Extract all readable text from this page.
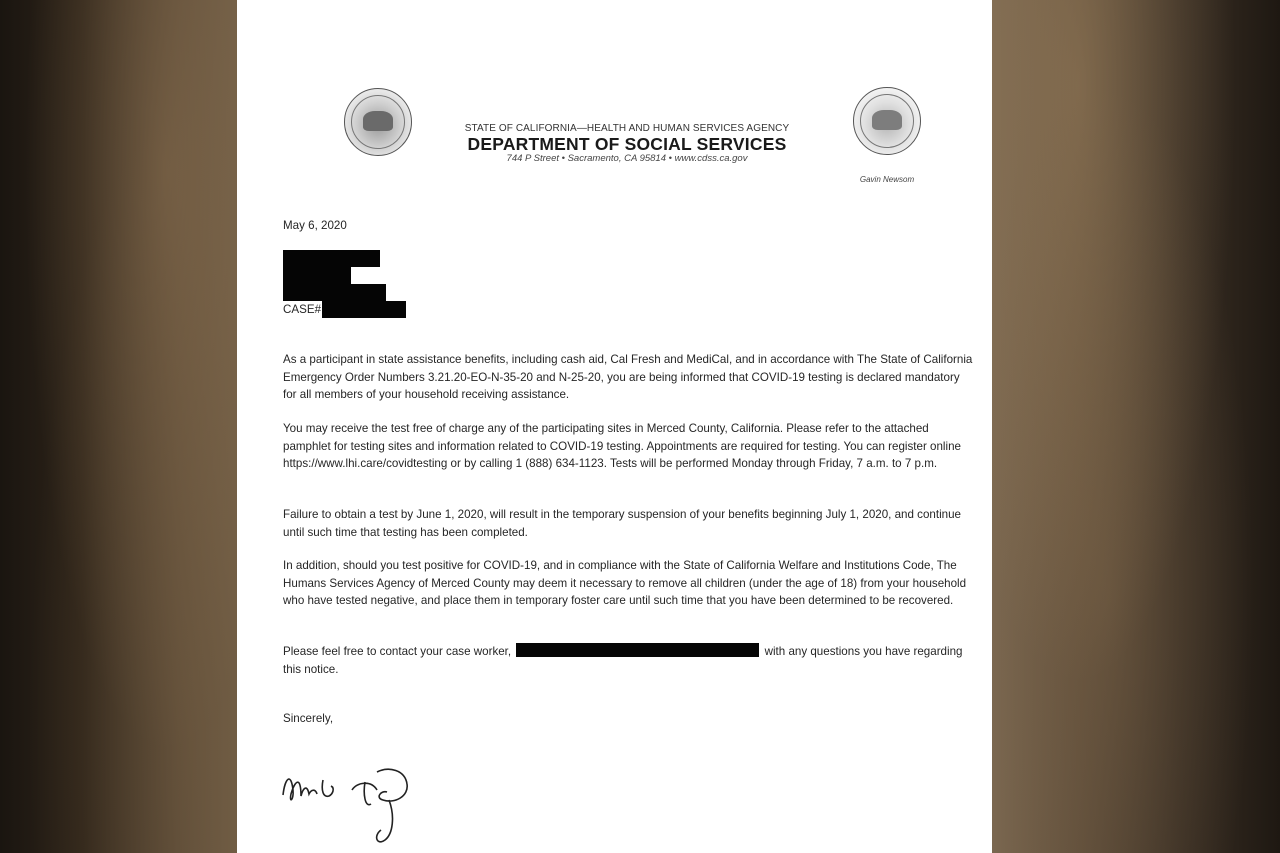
STATE OF CALIFORNIA—HEALTH AND HUMAN SERVICES AGENCY
DEPARTMENT OF SOCIAL SERVICES
744 P Street • Sacramento, CA 95814 • www.cdss.ca.gov
Gavin Newsom
May 6, 2020
CASE#
As a participant in state assistance benefits, including cash aid, Cal Fresh and MediCal, and in accordance with The State of California Emergency Order Numbers 3.21.20-EO-N-35-20 and N-25-20, you are being informed that COVID-19 testing is declared mandatory for all members of your household receiving assistance.
You may receive the test free of charge any of the participating sites in Merced County, California. Please refer to the attached pamphlet for testing sites and information related to COVID-19 testing. Appointments are required for testing. You can register online https://www.lhi.care/covidtesting or by calling 1 (888) 634-1123. Tests will be performed Monday through Friday, 7 a.m. to 7 p.m.
Failure to obtain a test by June 1, 2020, will result in the temporary suspension of your benefits beginning July 1, 2020, and continue until such time that testing has been completed.
In addition, should you test positive for COVID-19, and in compliance with the State of California Welfare and Institutions Code, The Humans Services Agency of Merced County may deem it necessary to remove all children (under the age of 18) from your household who have tested negative, and place them in temporary foster care until such time that you have been determined to be recovered.
Please feel free to contact your case worker,	with any questions you have regarding this notice.
Sincerely,
